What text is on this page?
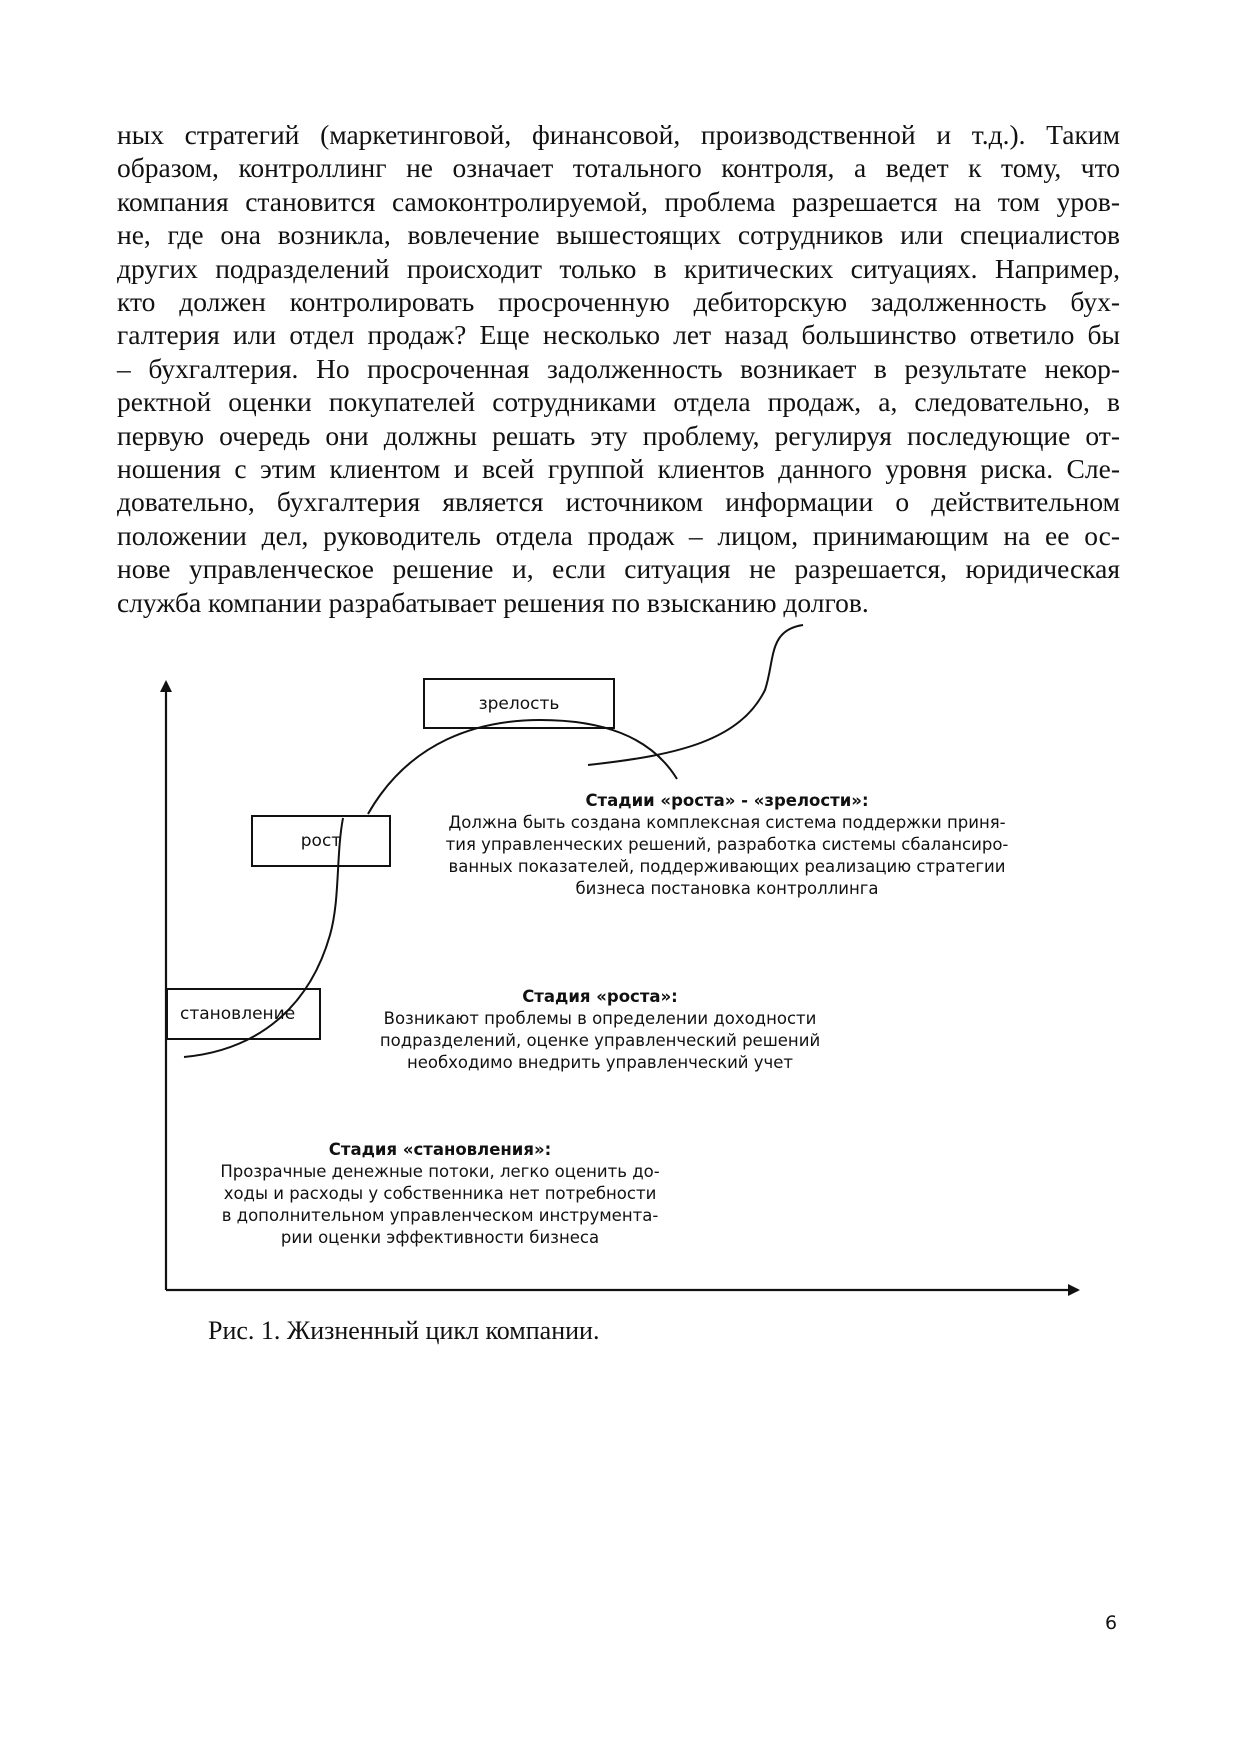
ных стратегий (маркетинговой, финансовой, производственной и т.д.). Таким
образом, контроллинг не означает тотального контроля, а ведет к тому, что
компания становится самоконтролируемой, проблема разрешается на том уров-
не, где она возникла, вовлечение вышестоящих сотрудников или специалистов
других подразделений происходит только в критических ситуациях. Например,
кто должен контролировать просроченную дебиторскую задолженность бух-
галтерия или отдел продаж? Еще несколько лет назад большинство ответило бы
– бухгалтерия. Но просроченная задолженность возникает в результате некор-
ректной оценки покупателей сотрудниками отдела продаж, а, следовательно, в
первую очередь они должны решать эту проблему, регулируя последующие от-
ношения с этим клиентом и всей группой клиентов данного уровня риска. Сле-
довательно, бухгалтерия является источником информации о действительном
положении дел, руководитель отдела продаж – лицом, принимающим на ее ос-
нове управленческое решение и, если ситуация не разрешается, юридическая
служба компании разрабатывает решения по взысканию долгов.
зрелость
рост
становление
Стадии «роста» - «зрелости»:
Должна быть создана комплексная система поддержки приня-
тия управленческих решений, разработка системы сбалансиро-
ванных показателей, поддерживающих реализацию стратегии
бизнеса постановка контроллинга
Стадия «роста»:
Возникают проблемы в определении доходности
подразделений, оценке управленческий решений
необходимо внедрить управленческий учет
Стадия «становления»:
Прозрачные денежные потоки, легко оценить до-
ходы и расходы у собственника нет потребности
в дополнительном управленческом инструмента-
рии оценки эффективности бизнеса
Рис. 1. Жизненный цикл компании.
6
